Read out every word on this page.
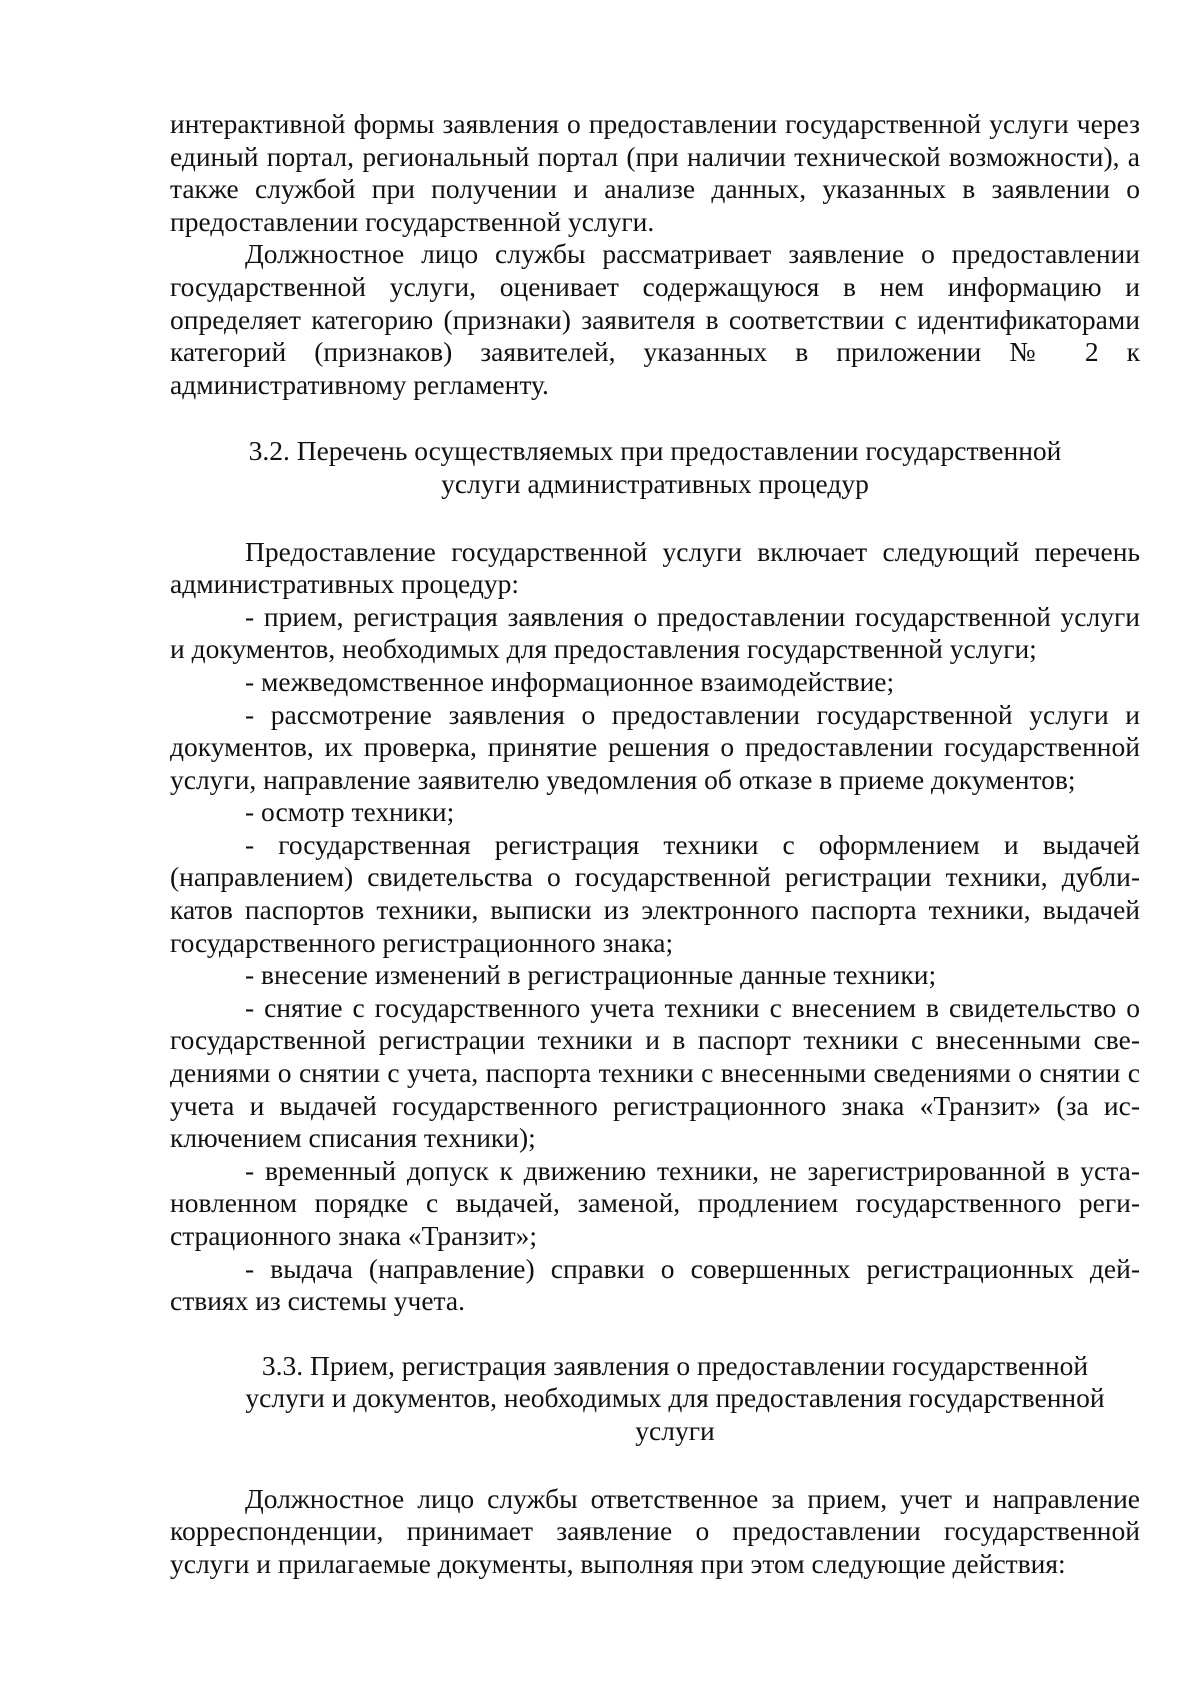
интерактивной формы заявления о предоставлении государственной услуги через единый портал, региональный портал (при наличии технической возможности), а также службой при получении и анализе данных, указанных в заявлении о предоставлении государственной услуги.

Должностное лицо службы рассматривает заявление о предоставлении государственной услуги, оценивает содержащуюся в нем информацию и определяет категорию (признаки) заявителя в соответствии с идентификаторами категорий (признаков) заявителей, указанных в приложении № 2 к административному регламенту.

3.2. Перечень осуществляемых при предоставлении государственной
услуги административных процедур

Предоставление государственной услуги включает следующий перечень административных процедур:

- прием, регистрация заявления о предоставлении государственной услуги и документов, необходимых для предоставления государственной услуги;

- межведомственное информационное взаимодействие;

- рассмотрение заявления о предоставлении государственной услуги и документов, их проверка, принятие решения о предоставлении государственной услуги, направление заявителю уведомления об отказе в приеме документов;

- осмотр техники;

- государственная регистрация техники с оформлением и выдачей (направлением) свидетельства о государственной регистрации техники, дубликатов паспортов техники, выписки из электронного паспорта техники, выдачей государственного регистрационного знака;

- внесение изменений в регистрационные данные техники;

- снятие с государственного учета техники с внесением в свидетельство о государственной регистрации техники и в паспорт техники с внесенными сведениями о снятии с учета, паспорта техники с внесенными сведениями о снятии с учета и выдачей государственного регистрационного знака «Транзит» (за исключением списания техники);

- временный допуск к движению техники, не зарегистрированной в установленном порядке с выдачей, заменой, продлением государственного регистрационного знака «Транзит»;

- выдача (направление) справки о совершенных регистрационных действиях из системы учета.

3.3. Прием, регистрация заявления о предоставлении государственной
услуги и документов, необходимых для предоставления государственной
услуги

Должностное лицо службы ответственное за прием, учет и направление корреспонденции, принимает заявление о предоставлении государственной услуги и прилагаемые документы, выполняя при этом следующие действия:
